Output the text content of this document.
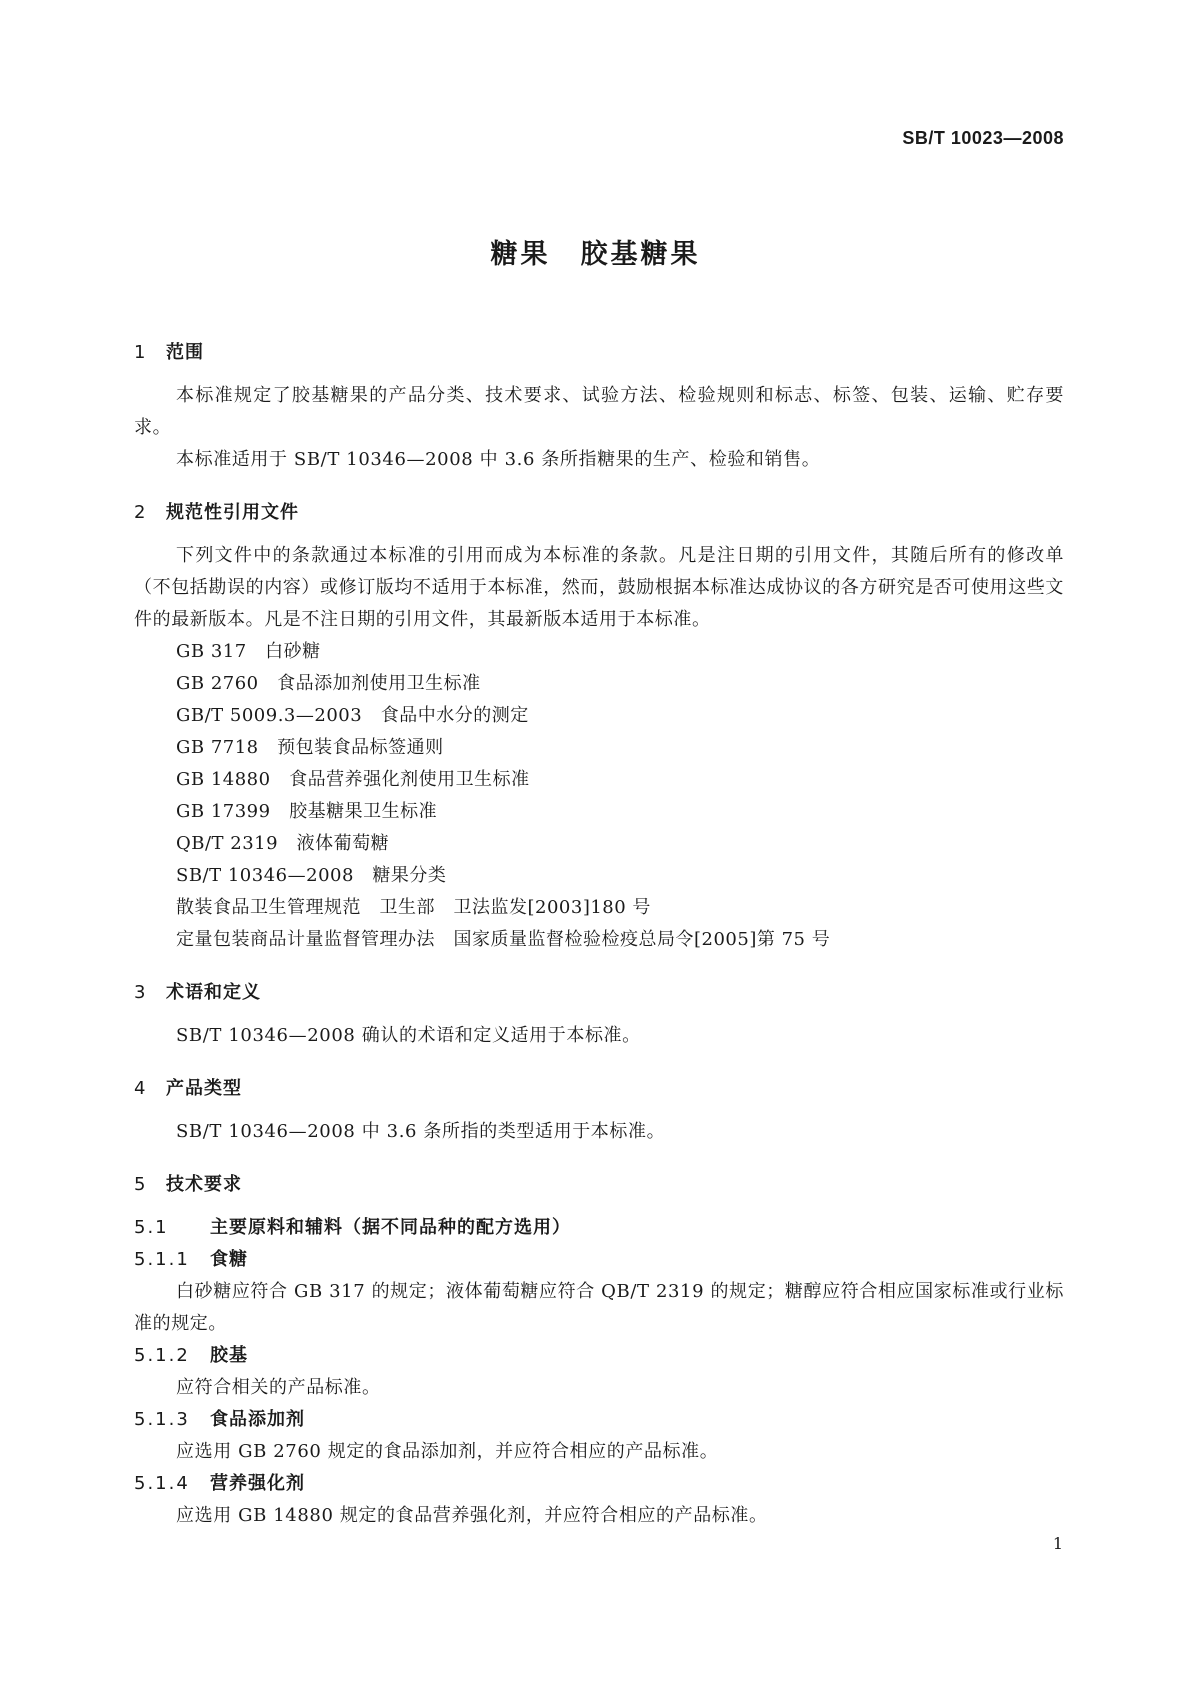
SB/T 10023—2008
糖果　胶基糖果
1 范围
本标准规定了胶基糖果的产品分类、技术要求、试验方法、检验规则和标志、标签、包装、运输、贮存要求。
本标准适用于 SB/T 10346—2008 中 3.6 条所指糖果的生产、检验和销售。
2 规范性引用文件
下列文件中的条款通过本标准的引用而成为本标准的条款。凡是注日期的引用文件，其随后所有的修改单（不包括勘误的内容）或修订版均不适用于本标准，然而，鼓励根据本标准达成协议的各方研究是否可使用这些文件的最新版本。凡是不注日期的引用文件，其最新版本适用于本标准。
GB 317　白砂糖
GB 2760　食品添加剂使用卫生标准
GB/T 5009.3—2003　食品中水分的测定
GB 7718　预包装食品标签通则
GB 14880　食品营养强化剂使用卫生标准
GB 17399　胶基糖果卫生标准
QB/T 2319　液体葡萄糖
SB/T 10346—2008　糖果分类
散装食品卫生管理规范　卫生部　卫法监发[2003]180 号
定量包装商品计量监督管理办法　国家质量监督检验检疫总局令[2005]第 75 号
3 术语和定义
SB/T 10346—2008 确认的术语和定义适用于本标准。
4 产品类型
SB/T 10346—2008 中 3.6 条所指的类型适用于本标准。
5 技术要求
5.1 主要原料和辅料（据不同品种的配方选用）
5.1.1 食糖
白砂糖应符合 GB 317 的规定；液体葡萄糖应符合 QB/T 2319 的规定；糖醇应符合相应国家标准或行业标准的规定。
5.1.2 胶基
应符合相关的产品标准。
5.1.3 食品添加剂
应选用 GB 2760 规定的食品添加剂，并应符合相应的产品标准。
5.1.4 营养强化剂
应选用 GB 14880 规定的食品营养强化剂，并应符合相应的产品标准。
1
